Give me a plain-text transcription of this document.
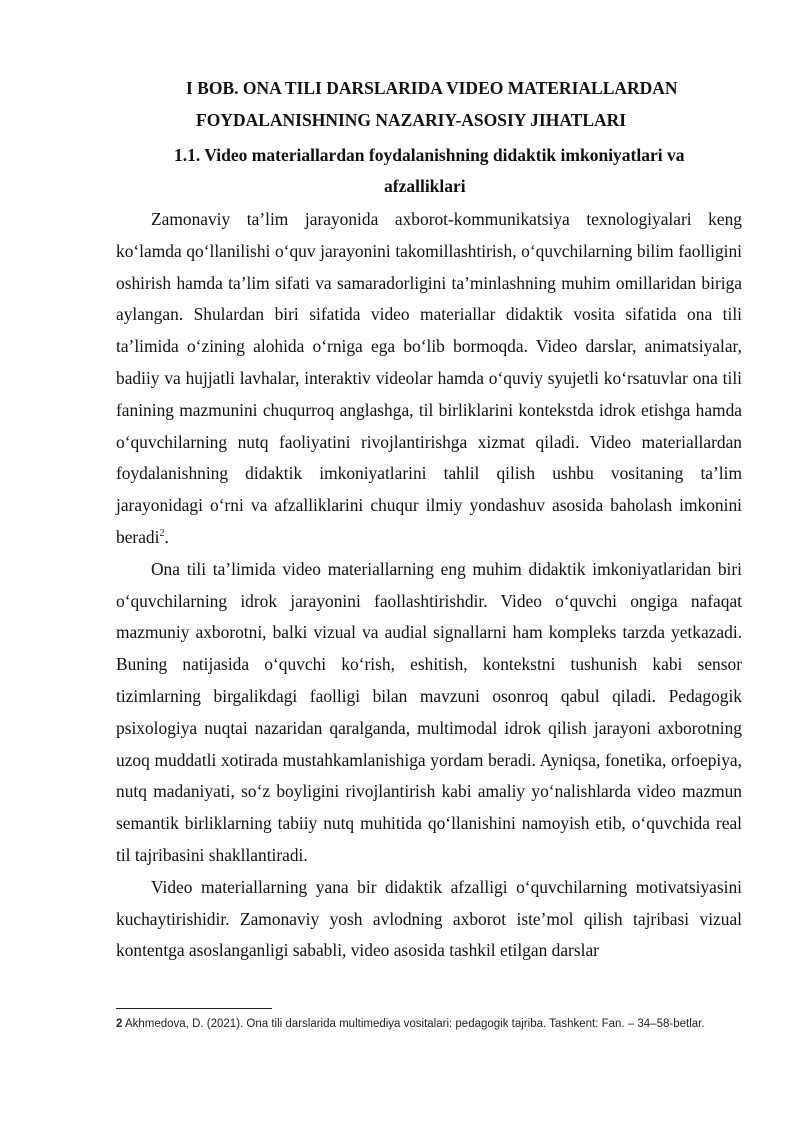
I BOB. ONA TILI DARSLARIDA VIDEO MATERIALLARDAN
FOYDALANISHNING NAZARIY-ASOSIY JIHATLARI
1.1. Video materiallardan foydalanishning didaktik imkoniyatlari va
afzalliklari

Zamonaviy ta’lim jarayonida axborot-kommunikatsiya texnologiyalari keng ko‘lamda qo‘llanilishi o‘quv jarayonini takomillashtirish, o‘quvchilarning bilim faolligini oshirish hamda ta’lim sifati va samaradorligini ta’minlashning muhim omillaridan biriga aylangan. Shulardan biri sifatida video materiallar didaktik vosita sifatida ona tili ta’limida o‘zining alohida o‘rniga ega bo‘lib bormoqda. Video darslar, animatsiyalar, badiiy va hujjatli lavhalar, interaktiv videolar hamda o‘quviy syujetli ko‘rsatuvlar ona tili fanining mazmunini chuqurroq anglashga, til birliklarini kontekstda idrok etishga hamda o‘quvchilarning nutq faoliyatini rivojlantirishga xizmat qiladi. Video materiallardan foydalanishning didaktik imkoniyatlarini tahlil qilish ushbu vositaning ta’lim jarayonidagi o‘rni va afzalliklarini chuqur ilmiy yondashuv asosida baholash imkonini beradi$^2$.

Ona tili ta’limida video materiallarning eng muhim didaktik imkoniyatlaridan biri o‘quvchilarning idrok jarayonini faollashtirishdir. Video o‘quvchi ongiga nafaqat mazmuniy axborotni, balki vizual va audial signallarni ham kompleks tarzda yetkazadi. Buning natijasida o‘quvchi ko‘rish, eshitish, kontekstni tushunish kabi sensor tizimlarning birgalikdagi faolligi bilan mavzuni osonroq qabul qiladi. Pedagogik psixologiya nuqtai nazaridan qaralganda, multimodal idrok qilish jarayoni axborotning uzoq muddatli xotirada mustahkamlanishiga yordam beradi. Ayniqsa, fonetika, orfoepiya, nutq madaniyati, so‘z boyligini rivojlantirish kabi amaliy yo‘nalishlarda video mazmun semantik birliklarning tabiiy nutq muhitida qo‘llanishini namoyish etib, o‘quvchida real til tajribasini shakllantiradi.

Video materiallarning yana bir didaktik afzalligi o‘quvchilarning motivatsiyasini kuchaytirishidir. Zamonaviy yosh avlodning axborot iste’mol qilish tajribasi vizual kontentga asoslanganligi sababli, video asosida tashkil etilgan darslar

2 Akhmedova, D. (2021). Ona tili darslarida multimediya vositalari: pedagogik tajriba. Tashkent: Fan. – 34–58-betlar.
